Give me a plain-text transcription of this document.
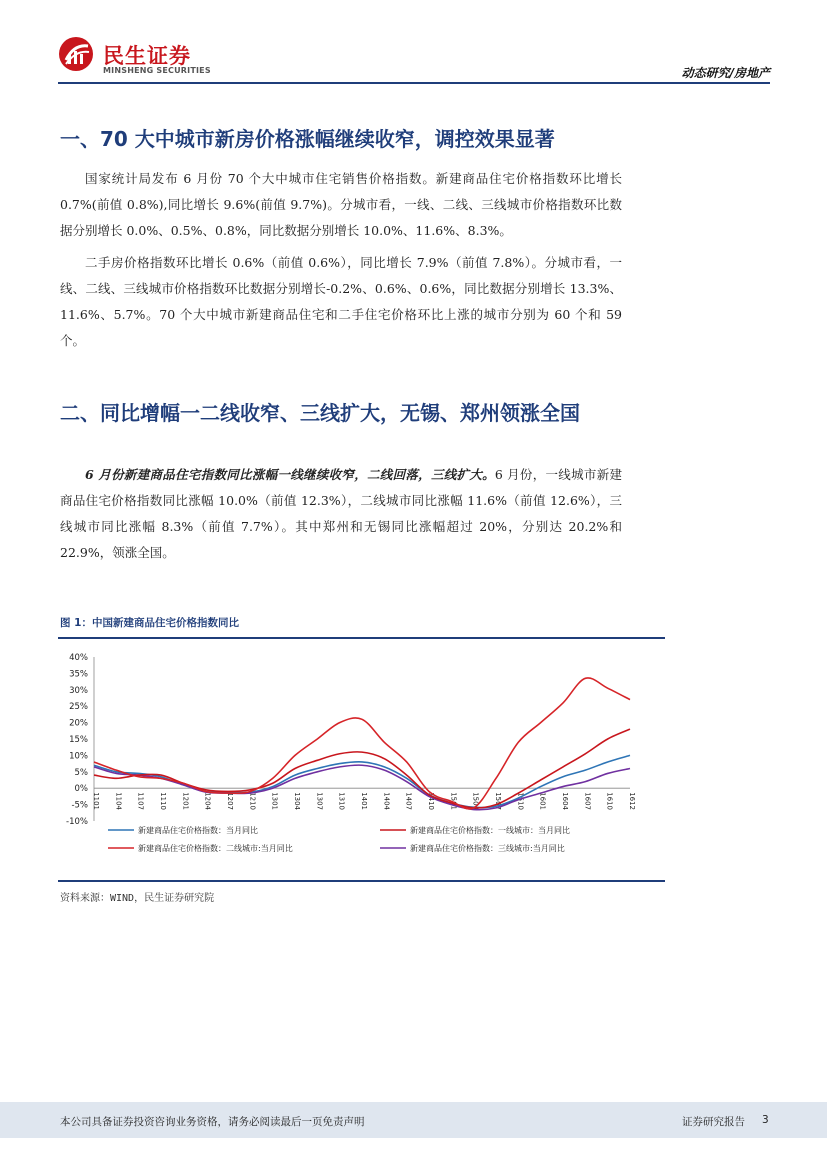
民生证券
MINSHENG SECURITIES	动态研究/房地产
一、70 大中城市新房价格涨幅继续收窄，调控效果显著

国家统计局发布 6 月份 70 个大中城市住宅销售价格指数。新建商品住宅价格指数环比增长 0.7%(前值 0.8%),同比增长 9.6%(前值 9.7%)。分城市看，一线、二线、三线城市价格指数环比数据分别增长 0.0%、0.5%、0.8%，同比数据分别增长 10.0%、11.6%、8.3%。

二手房价格指数环比增长 0.6%（前值 0.6%），同比增长 7.9%（前值 7.8%）。分城市看，一线、二线、三线城市价格指数环比数据分别增长-0.2%、0.6%、0.6%，同比数据分别增长 13.3%、11.6%、5.7%。70 个大中城市新建商品住宅和二手住宅价格环比上涨的城市分别为 60 个和 59 个。

二、同比增幅一二线收窄、三线扩大，无锡、郑州领涨全国

6 月份新建商品住宅指数同比涨幅一线继续收窄，二线回落，三线扩大。6 月份，一线城市新建商品住宅价格指数同比涨幅 10.0%（前值 12.3%），二线城市同比涨幅 11.6%（前值 12.6%），三线城市同比涨幅 8.3%（前值 7.7%）。其中郑州和无锡同比涨幅超过 20%，分别达 20.2%和 22.9%，领涨全国。

图 1：中国新建商品住宅价格指数同比
40%
35%
30%
25%
20%
15%
10%
5%
0%
-5%
-10%
1101 1104 1107 1110 1201 1204 1207 1210 1301 1304 1307 1310 1401 1404 1407 1410 1501 1504 1507 1510 1601 1604 1607 1610 1612
新建商品住宅价格指数：当月同比	新建商品住宅价格指数：一线城市：当月同比
新建商品住宅价格指数：二线城市:当月同比	新建商品住宅价格指数：三线城市:当月同比
资料来源：WIND，民生证券研究院
本公司具备证券投资咨询业务资格，请务必阅读最后一页免责声明	证券研究报告 3
